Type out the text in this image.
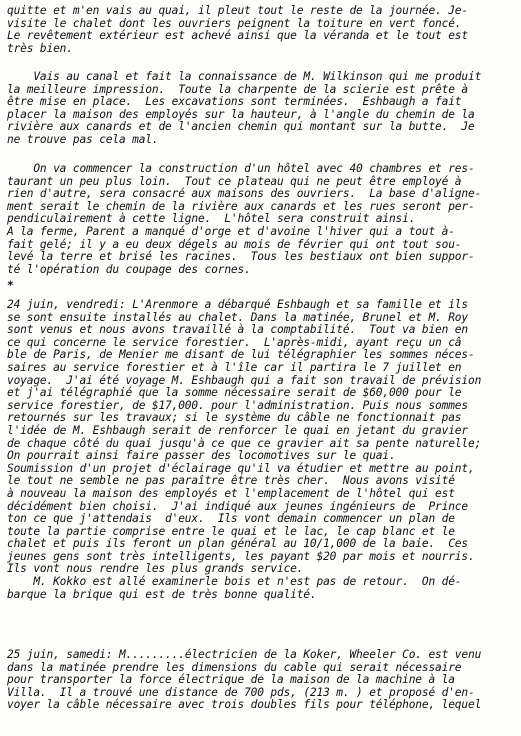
quitte et m'en vais au quai, il pleut tout le reste de la journée. Je-
visite le chalet dont les ouvriers peignent la toiture en vert foncé.
Le revêtement extérieur est achevé ainsi que la véranda et le tout est
très bien.
Vais au canal et fait la connaissance de M. Wilkinson qui me produit
la meilleure impression.  Toute la charpente de la scierie est prête à
être mise en place.  Les excavations sont terminées.  Eshbaugh a fait
placer la maison des employés sur la hauteur, à l'angle du chemin de la
rivière aux canards et de l'ancien chemin qui montant sur la butte.  Je
ne trouve pas cela mal.
On va commencer la construction d'un hôtel avec 40 chambres et res-
taurant un peu plus loin.  Tout ce plateau qui ne peut être employé à
rien d'autre, sera consacré aux maisons des ouvriers.  La base d'aligne-
ment serait le chemin de la rivière aux canards et les rues seront per-
pendiculairement à cette ligne.  L'hôtel sera construit ainsi.
A la ferme, Parent a manqué d'orge et d'avoine l'hiver qui a tout à-
fait gelé; il y a eu deux dégels au mois de février qui ont tout sou-
levé la terre et brisé les racines.  Tous les bestiaux ont bien suppor-
té l'opération du coupage des cornes.
*
24 juin, vendredi: L'Arenmore a débarqué Eshbaugh et sa famille et ils
se sont ensuite installés au chalet. Dans la matinée, Brunel et M. Roy
sont venus et nous avons travaillé à la comptabilité.  Tout va bien en
ce qui concerne le service forestier.  L'après-midi, ayant reçu un câ
ble de Paris, de Menier me disant de lui télégraphier les sommes néces-
saires au service forestier et à l'île car il partira le 7 juillet en
voyage.  J'ai été voyage M. Eshbaugh qui a fait son travail de prévision
et j'ai télégraphié que la somme nécessaire serait de $60,000 pour le
service forestier, de $17,000. pour l'administration. Puis nous sommes
retournés sur les travaux; si le système du câble ne fonctionnait pas
l'idée de M. Eshbaugh serait de renforcer le quai en jetant du gravier
de chaque côté du quai jusqu'à ce que ce gravier ait sa pente naturelle;
On pourrait ainsi faire passer des locomotives sur le quai.
Soumission d'un projet d'éclairage qu'il va étudier et mettre au point,
le tout ne semble ne pas paraître être très cher.  Nous avons visité
à nouveau la maison des employés et l'emplacement de l'hôtel qui est
décidément bien choisi.  J'ai indiqué aux jeunes ingénieurs de  Prince
ton ce que j'attendais  d'eux.  Ils vont demain commencer un plan de
toute la partie comprise entre le quai et le lac, le cap blanc et le
chalet et puis ils feront un plan général au 10/1,000 de la baie.  Ces
jeunes gens sont très intelligents, les payant $20 par mois et nourris.
Ils vont nous rendre les plus grands service.
M. Kokko est allé examinerle bois et n'est pas de retour.  On dé-
barque la brique qui est de très bonne qualité.
25 juin, samedi: M.........électricien de la Koker, Wheeler Co. est venu
dans la matinée prendre les dimensions du cable qui serait nécessaire
pour transporter la force électrique de la maison de la machine à la
Villa.  Il a trouvé une distance de 700 pds, (213 m. ) et proposé d'en-
voyer la câble nécessaire avec trois doubles fils pour téléphone, lequel
